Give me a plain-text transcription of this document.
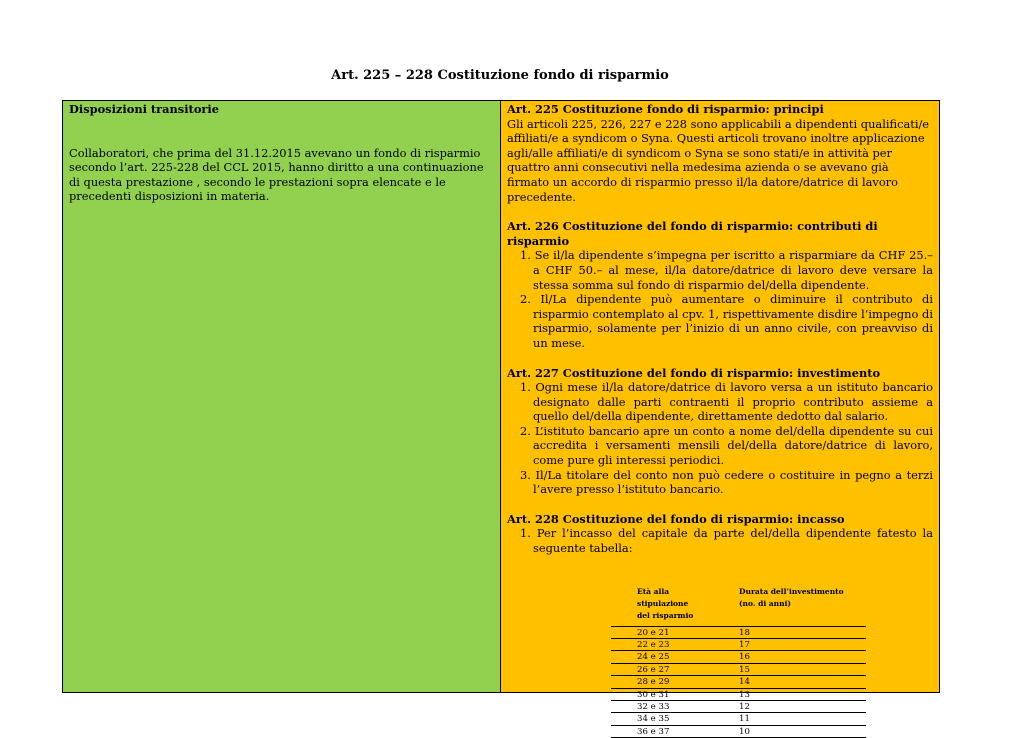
Art. 225 – 228 Costituzione fondo di risparmio

Disposizioni transitorie

Collaboratori, che prima del 31.12.2015 avevano un fondo di risparmio secondo l’art. 225-228 del CCL 2015, hanno diritto a una continuazione di questa prestazione , secondo le prestazioni sopra elencate e le precedenti disposizioni in materia.

Art. 225 Costituzione fondo di risparmio: principi

Gli articoli 225, 226, 227 e 228 sono applicabili a dipendenti qualificati/e affiliati/e a syndicom o Syna. Questi articoli trovano inoltre applicazione agli/alle affiliati/e di syndicom o Syna se sono stati/e in attività per quattro anni consecutivi nella medesima azienda o se avevano già firmato un accordo di risparmio presso il/la datore/datrice di lavoro precedente.

Art. 226 Costituzione del fondo di risparmio: contributi di risparmio

1. Se il/la dipendente s’impegna per iscritto a risparmiare da CHF 25.– a CHF 50.– al mese, il/la datore/datrice di lavoro deve versare la stessa somma sul fondo di risparmio del/della dipendente.
2. Il/La dipendente può aumentare o diminuire il contributo di risparmio contemplato al cpv. 1, rispettivamente disdire l’impegno di risparmio, solamente per l’inizio di un anno civile, con preavviso di un mese.

Art. 227 Costituzione del fondo di risparmio: investimento

1. Ogni mese il/la datore/datrice di lavoro versa a un istituto bancario designato dalle parti contraenti il proprio contributo assieme a quello del/della dipendente, direttamente dedotto dal salario.
2. L’istituto bancario apre un conto a nome del/della dipendente su cui accredita i versamenti mensili del/della datore/datrice di lavoro, come pure gli interessi periodici.
3. Il/La titolare del conto non può cedere o costituire in pegno a terzi l’avere presso l’istituto bancario.

Art. 228 Costituzione del fondo di risparmio: incasso

1. Per l’incasso del capitale da parte del/della dipendente fatesto la seguente tabella:
Età alla stipulazione
del risparmio
Durata dell’investimento
(no. di anni)
20 e 21	18
22 e 23	17
24 e 25	16
26 e 27	15
28 e 29	14
30 e 31	13
32 e 33	12
34 e 35	11
36 e 37	10
